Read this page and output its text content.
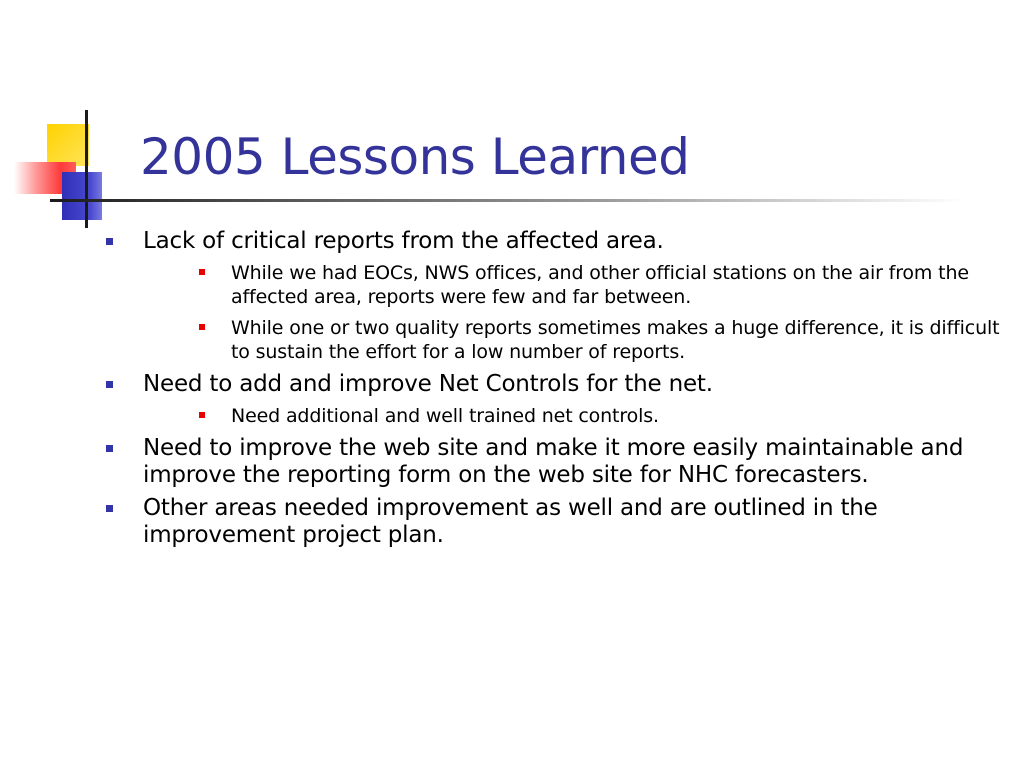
2005 Lessons Learned
Lack of critical reports from the affected area.
While we had EOCs, NWS offices, and other official stations on the air from the affected area, reports were few and far between.
While one or two quality reports sometimes makes a huge difference, it is difficult to sustain the effort for a low number of reports.
Need to add and improve Net Controls for the net.
Need additional and well trained net controls.
Need to improve the web site and make it more easily maintainable and improve the reporting form on the web site for NHC forecasters.
Other areas needed improvement as well and are outlined in the improvement project plan.
